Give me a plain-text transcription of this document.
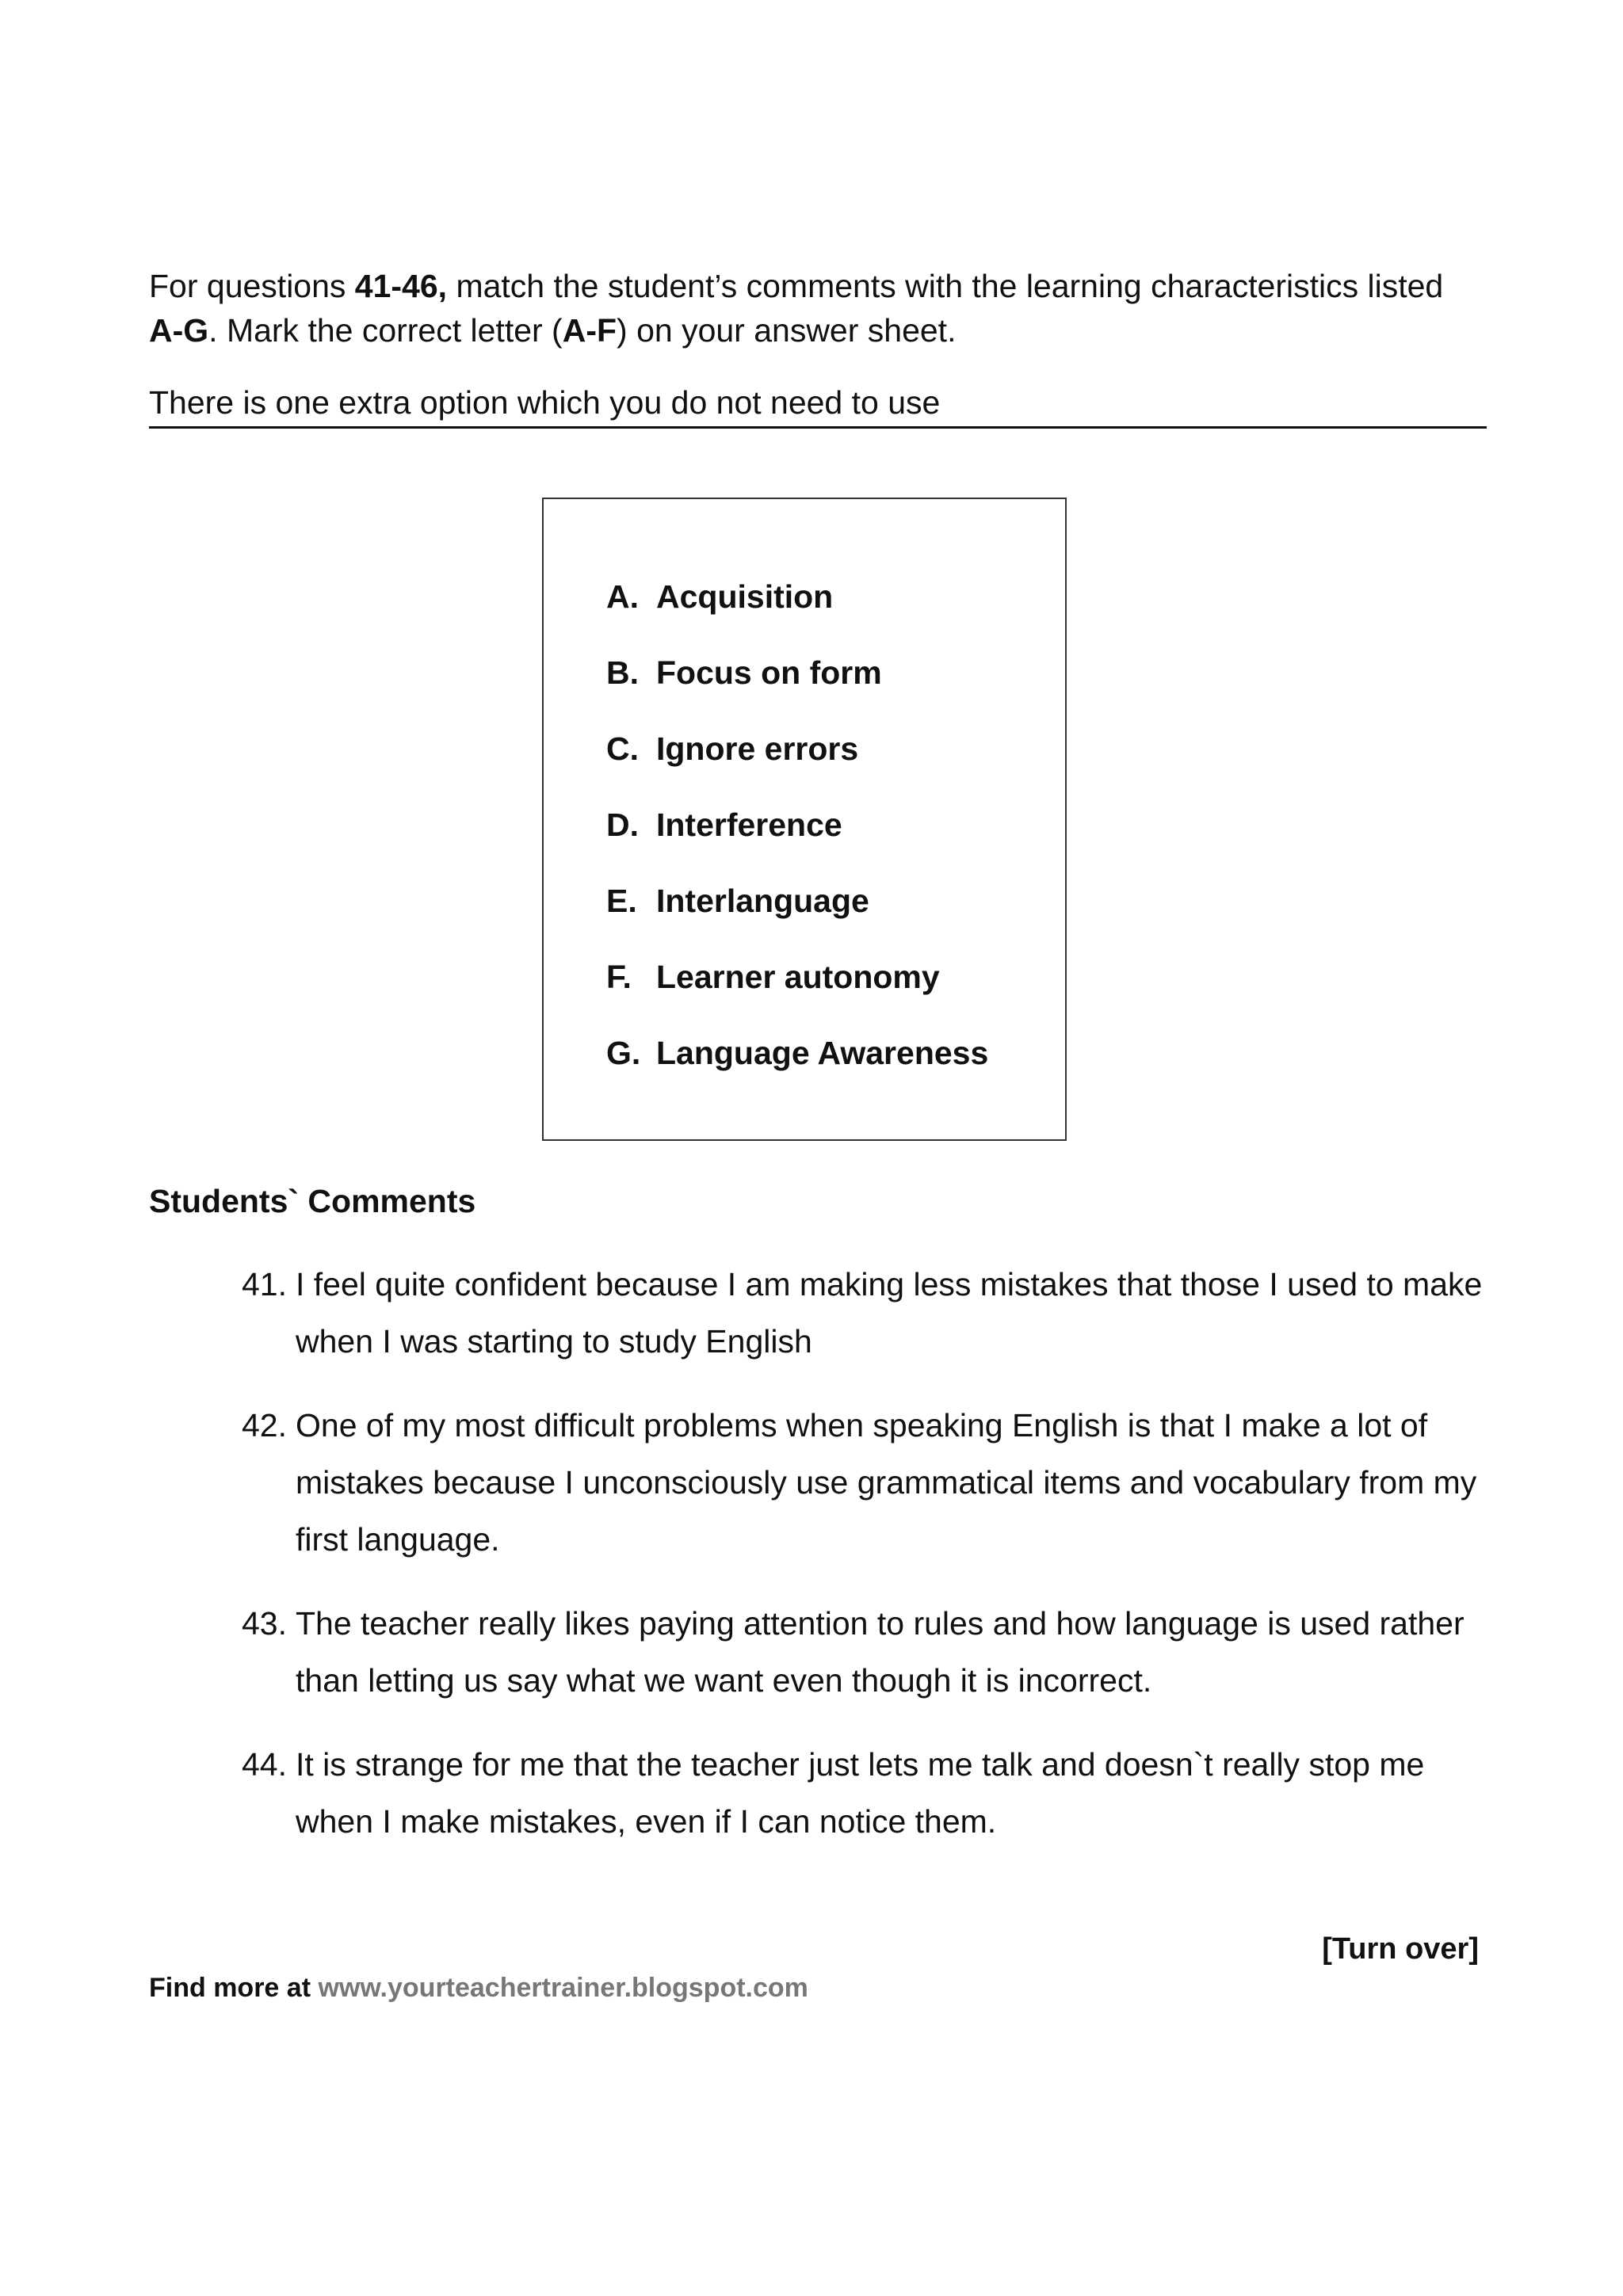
For questions 41-46, match the student’s comments with the learning characteristics listed

A-G. Mark the correct letter (A-F) on your answer sheet.

There is one extra option which you do not need to use
A. Acquisition
B. Focus on form
C. Ignore errors
D. Interference
E. Interlanguage
F. Learner autonomy
G. Language Awareness
Students` Comments
41. I feel quite confident because I am making less mistakes that those I used to make when I was starting to study English
42. One of my most difficult problems when speaking English is that I make a lot of mistakes because I unconsciously use grammatical items and vocabulary from my first language.
43. The teacher really likes paying attention to rules and how language is used rather than letting us say what we want even though it is incorrect.
44. It is strange for me that the teacher just lets me talk and doesn`t really stop me when I make mistakes, even if I can notice them.
[Turn over]
Find more at www.yourteachertrainer.blogspot.com
